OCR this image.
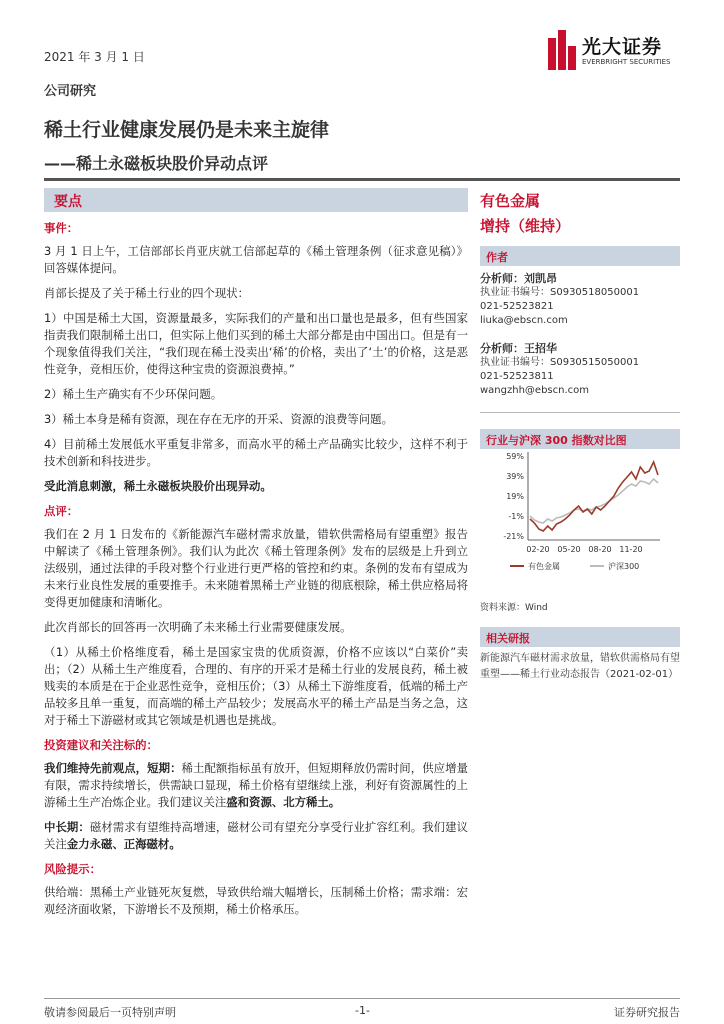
2021 年 3 月 1 日	光大证券
EVERBRIGHT SECURITIES
公司研究
稀土行业健康发展仍是未来主旋律
——稀土永磁板块股价异动点评
要点

事件：

3 月 1 日上午，工信部部长肖亚庆就工信部起草的《稀土管理条例（征求意见稿）》回答媒体提问。

肖部长提及了关于稀土行业的四个现状：

1）中国是稀土大国，资源量最多，实际我们的产量和出口量也是最多，但有些国家指责我们限制稀土出口，但实际上他们买到的稀土大部分都是由中国出口。但是有一个现象值得我们关注，“我们现在稀土没卖出‘稀’的价格，卖出了‘土’的价格，这是恶性竞争，竞相压价，使得这种宝贵的资源浪费掉。”

2）稀土生产确实有不少环保问题。

3）稀土本身是稀有资源，现在存在无序的开采、资源的浪费等问题。

4）目前稀土发展低水平重复非常多，而高水平的稀土产品确实比较少，这样不利于技术创新和科技进步。

受此消息刺激，稀土永磁板块股价出现异动。

点评：

我们在 2 月 1 日发布的《新能源汽车磁材需求放量，错软供需格局有望重塑》报告中解读了《稀土管理条例》。我们认为此次《稀土管理条例》发布的层级是上升到立法级别，通过法律的手段对整个行业进行更严格的管控和约束。条例的发布有望成为未来行业良性发展的重要推手。未来随着黑稀土产业链的彻底根除，稀土供应格局将变得更加健康和清晰化。

此次肖部长的回答再一次明确了未来稀土行业需要健康发展。

（1）从稀土价格维度看，稀土是国家宝贵的优质资源，价格不应该以“白菜价”卖出；（2）从稀土生产维度看，合理的、有序的开采才是稀土行业的发展良药，稀土被贱卖的本质是在于企业恶性竞争，竞相压价；（3）从稀土下游维度看，低端的稀土产品较多且单一重复，而高端的稀土产品较少；发展高水平的稀土产品是当务之急，这对于稀土下游磁材或其它领域是机遇也是挑战。

投资建议和关注标的：

我们维持先前观点，短期：稀土配额指标虽有放开，但短期释放仍需时间，供应增量有限，需求持续增长，供需缺口显现，稀土价格有望继续上涨，利好有资源属性的上游稀土生产冶炼企业。我们建议关注盛和资源、北方稀土。

中长期：磁材需求有望维持高增速，磁材公司有望充分享受行业扩容红利。我们建议关注金力永磁、正海磁材。

风险提示：

供给端：黑稀土产业链死灰复燃，导致供给端大幅增长，压制稀土价格；需求端：宏观经济面收紧，下游增长不及预期，稀土价格承压。

有色金属
增持（维持）
作者
分析师：刘凯昂
执业证书编号：S0930518050001
021-52523821
liuka@ebscn.com
分析师：王招华
执业证书编号：S0930515050001
021-52523811
wangzhh@ebscn.com
行业与沪深 300 指数对比图
59%
39%
19%
-1%
-21%
02-20 05-20 08-20 11-20
有色金属	沪深300
资料来源：Wind
相关研报
新能源汽车磁材需求放量，错软供需格局有望重塑——稀土行业动态报告（2021-02-01）
敬请参阅最后一页特别声明	-1-	证券研究报告
